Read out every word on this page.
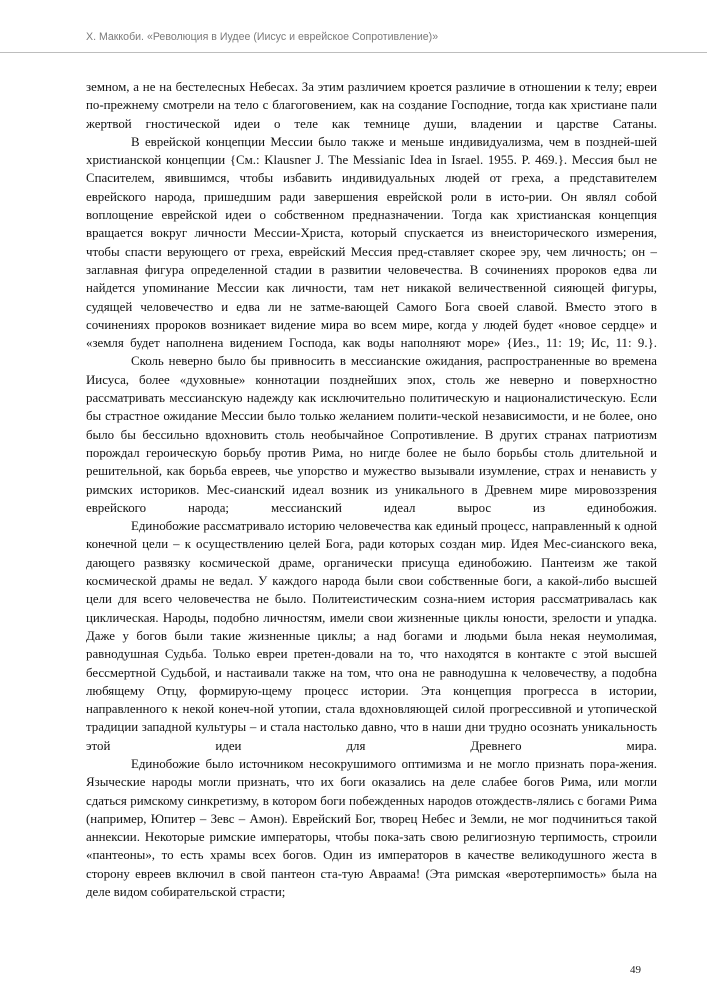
Х. Маккоби. «Революция в Иудее (Иисус и еврейское Сопротивление)»

земном, а не на бестелесных Небесах. За этим различием кроется различие в отношении к телу; евреи по-прежнему смотрели на тело с благоговением, как на создание Господние, тогда как христиане пали жертвой гностической идеи о теле как темнице души, владении и царстве Сатаны.

В еврейской концепции Мессии было также и меньше индивидуализма, чем в поздней-шей христианской концепции {См.: Klausner J. The Messianic Idea in Israel. 1955. P. 469.}. Мессия был не Спасителем, явившимся, чтобы избавить индивидуальных людей от греха, а представителем еврейского народа, пришедшим ради завершения еврейской роли в исто-рии. Он являл собой воплощение еврейской идеи о собственном предназначении. Тогда как христианская концепция вращается вокруг личности Мессии-Христа, который спускается из внеисторического измерения, чтобы спасти верующего от греха, еврейский Мессия пред-ставляет скорее эру, чем личность; он – заглавная фигура определенной стадии в развитии человечества. В сочинениях пророков едва ли найдется упоминание Мессии как личности, там нет никакой величественной сияющей фигуры, судящей человечество и едва ли не затме-вающей Самого Бога своей славой. Вместо этого в сочинениях пророков возникает видение мира во всем мире, когда у людей будет «новое сердце» и «земля будет наполнена видением Господа, как воды наполняют море» {Иез., 11: 19; Ис, 11: 9.}.

Сколь неверно было бы привносить в мессианские ожидания, распространенные во времена Иисуса, более «духовные» коннотации позднейших эпох, столь же неверно и поверхностно рассматривать мессианскую надежду как исключительно политическую и националистическую. Если бы страстное ожидание Мессии было только желанием полити-ческой независимости, и не более, оно было бы бессильно вдохновить столь необычайное Сопротивление. В других странах патриотизм порождал героическую борьбу против Рима, но нигде более не было борьбы столь длительной и решительной, как борьба евреев, чье упорство и мужество вызывали изумление, страх и ненависть у римских историков. Мес-сианский идеал возник из уникального в Древнем мире мировоззрения еврейского народа; мессианский идеал вырос из единобожия.

Единобожие рассматривало историю человечества как единый процесс, направленный к одной конечной цели – к осуществлению целей Бога, ради которых создан мир. Идея Мес-сианского века, дающего развязку космической драме, органически присуща единобожию. Пантеизм же такой космической драмы не ведал. У каждого народа были свои собственные боги, а какой-либо высшей цели для всего человечества не было. Политеистическим созна-нием история рассматривалась как циклическая. Народы, подобно личностям, имели свои жизненные циклы юности, зрелости и упадка. Даже у богов были такие жизненные циклы; а над богами и людьми была некая неумолимая, равнодушная Судьба. Только евреи претен-довали на то, что находятся в контакте с этой высшей бессмертной Судьбой, и настаивали также на том, что она не равнодушна к человечеству, а подобна любящему Отцу, формирую-щему процесс истории. Эта концепция прогресса в истории, направленного к некой конеч-ной утопии, стала вдохновляющей силой прогрессивной и утопической традиции западной культуры – и стала настолько давно, что в наши дни трудно осознать уникальность этой идеи для Древнего мира.

Единобожие было источником несокрушимого оптимизма и не могло признать пора-жения. Языческие народы могли признать, что их боги оказались на деле слабее богов Рима, или могли сдаться римскому синкретизму, в котором боги побежденных народов отождеств-лялись с богами Рима (например, Юпитер – Зевс – Амон). Еврейский Бог, творец Небес и Земли, не мог подчиниться такой аннексии. Некоторые римские императоры, чтобы пока-зать свою религиозную терпимость, строили «пантеоны», то есть храмы всех богов. Один из императоров в качестве великодушного жеста в сторону евреев включил в свой пантеон ста-тую Авраама! (Эта римская «веротерпимость» была на деле видом собирательской страсти;

49
